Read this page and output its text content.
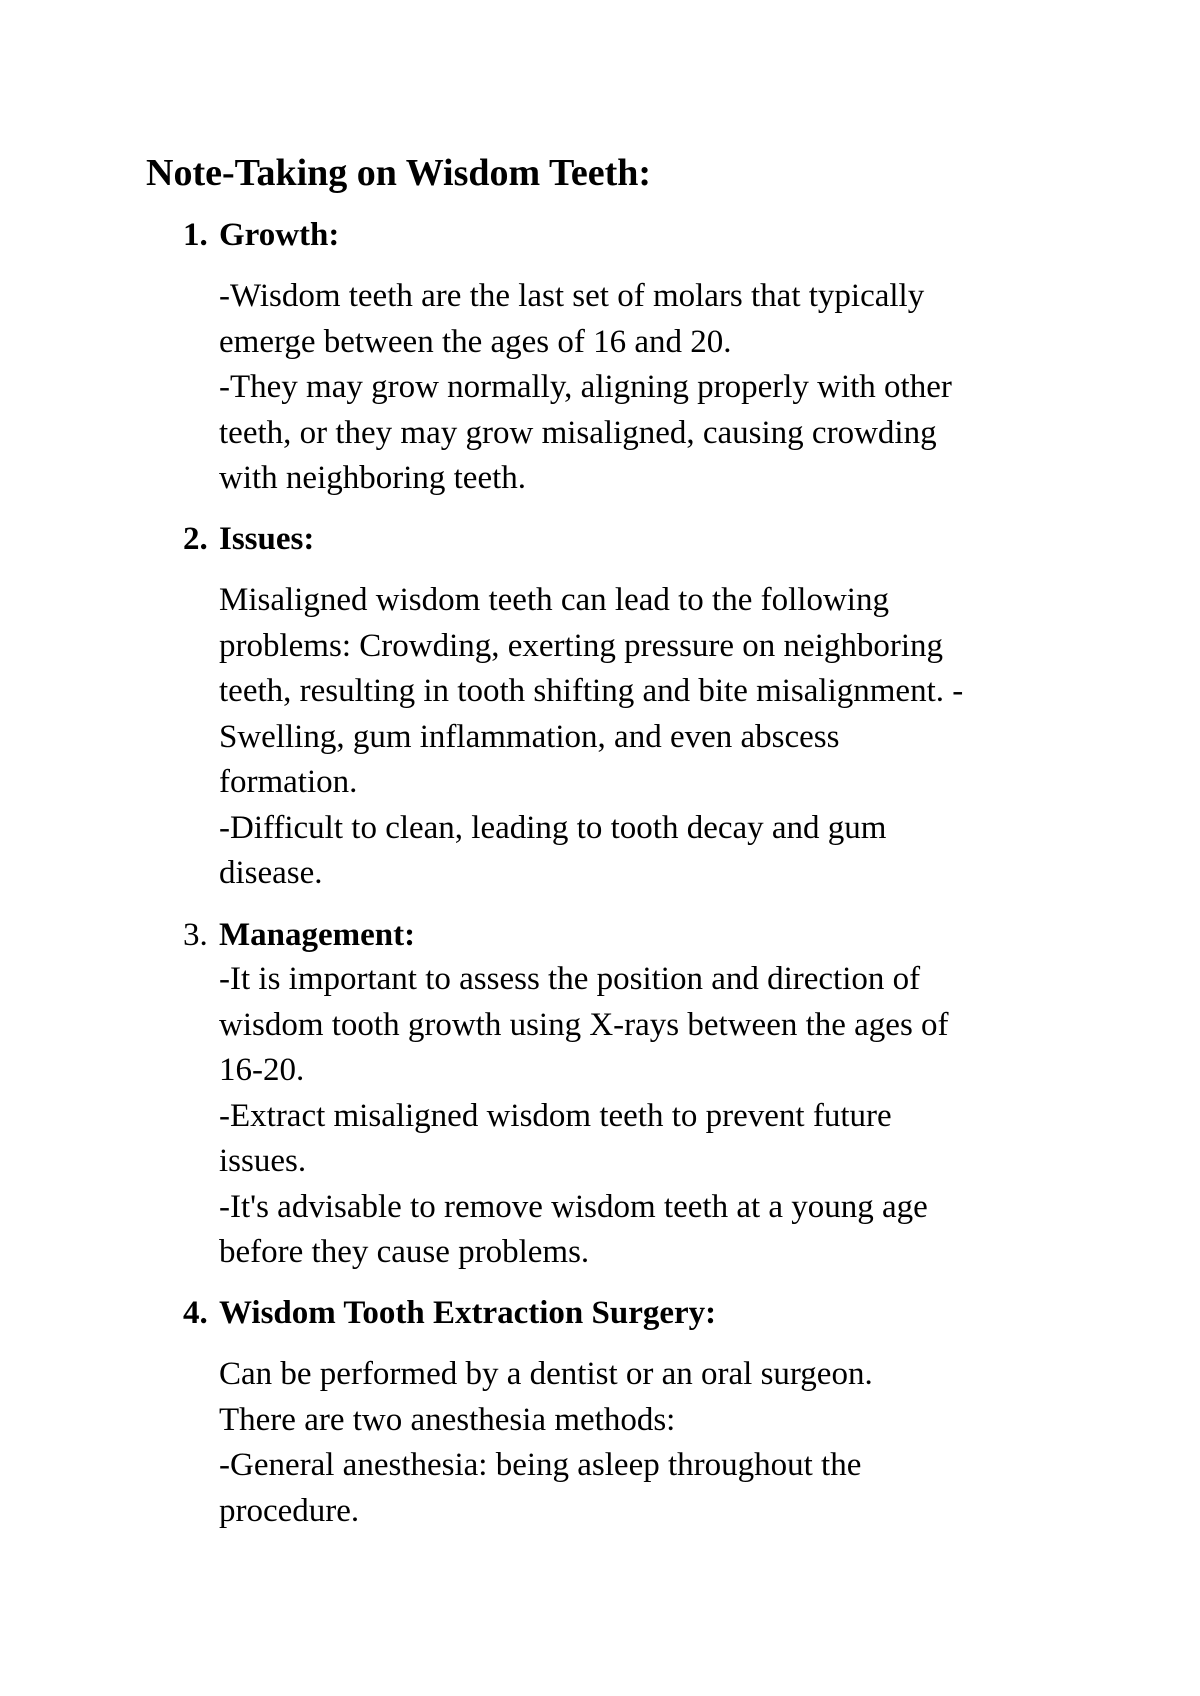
Note-Taking on Wisdom Teeth:
1. Growth:
-Wisdom teeth are the last set of molars that typically
emerge between the ages of 16 and 20.
-They may grow normally, aligning properly with other
teeth, or they may grow misaligned, causing crowding
with neighboring teeth.
2. Issues:
Misaligned wisdom teeth can lead to the following
problems: Crowding, exerting pressure on neighboring
teeth, resulting in tooth shifting and bite misalignment. -
Swelling, gum inflammation, and even abscess
formation.
-Difficult to clean, leading to tooth decay and gum
disease.
3. Management:
-It is important to assess the position and direction of
wisdom tooth growth using X-rays between the ages of
16-20.
-Extract misaligned wisdom teeth to prevent future
issues.
-It's advisable to remove wisdom teeth at a young age
before they cause problems.
4. Wisdom Tooth Extraction Surgery:
Can be performed by a dentist or an oral surgeon.
There are two anesthesia methods:
-General anesthesia: being asleep throughout the
procedure.
